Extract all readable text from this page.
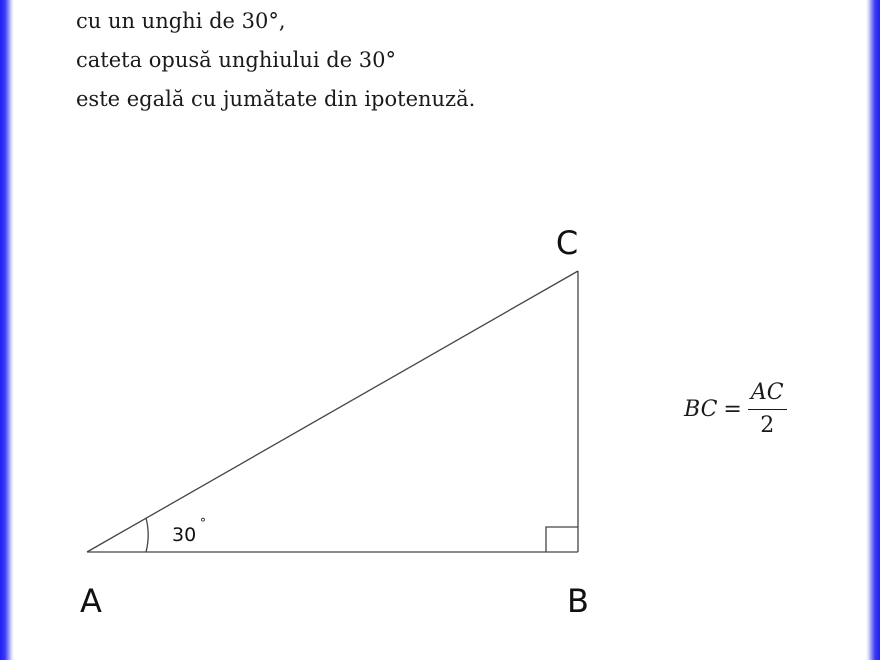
cu un unghi de 30°,
cateta opusă unghiului de 30°
este egală cu jumătate din ipotenuză.
C
A	B
30
°
BC = $\frac{AC}{2}$
